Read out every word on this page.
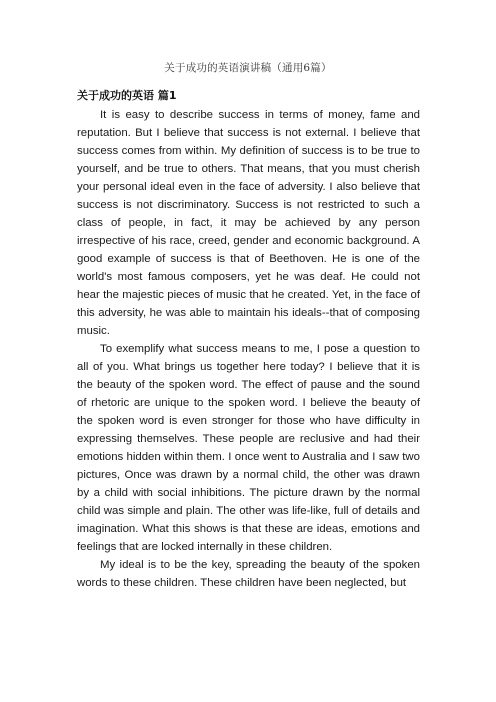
关于成功的英语演讲稿（通用6篇）
关于成功的英语 篇1

It is easy to describe success in terms of money, fame and reputation. But I believe that success is not external. I believe that success comes from within. My definition of success is to be true to yourself, and be true to others. That means, that you must cherish your personal ideal even in the face of adversity. I also believe that success is not discriminatory. Success is not restricted to such a class of people, in fact, it may be achieved by any person irrespective of his race, creed, gender and economic background. A good example of success is that of Beethoven. He is one of the world's most famous composers, yet he was deaf. He could not hear the majestic pieces of music that he created. Yet, in the face of this adversity, he was able to maintain his ideals--that of composing music.

To exemplify what success means to me, I pose a question to all of you. What brings us together here today? I believe that it is the beauty of the spoken word. The effect of pause and the sound of rhetoric are unique to the spoken word. I believe the beauty of the spoken word is even stronger for those who have difficulty in expressing themselves. These people are reclusive and had their emotions hidden within them. I once went to Australia and I saw two pictures, Once was drawn by a normal child, the other was drawn by a child with social inhibitions. The picture drawn by the normal child was simple and plain. The other was life-like, full of details and imagination. What this shows is that these are ideas, emotions and feelings that are locked internally in these children.

My ideal is to be the key, spreading the beauty of the spoken words to these children. These children have been neglected, but
